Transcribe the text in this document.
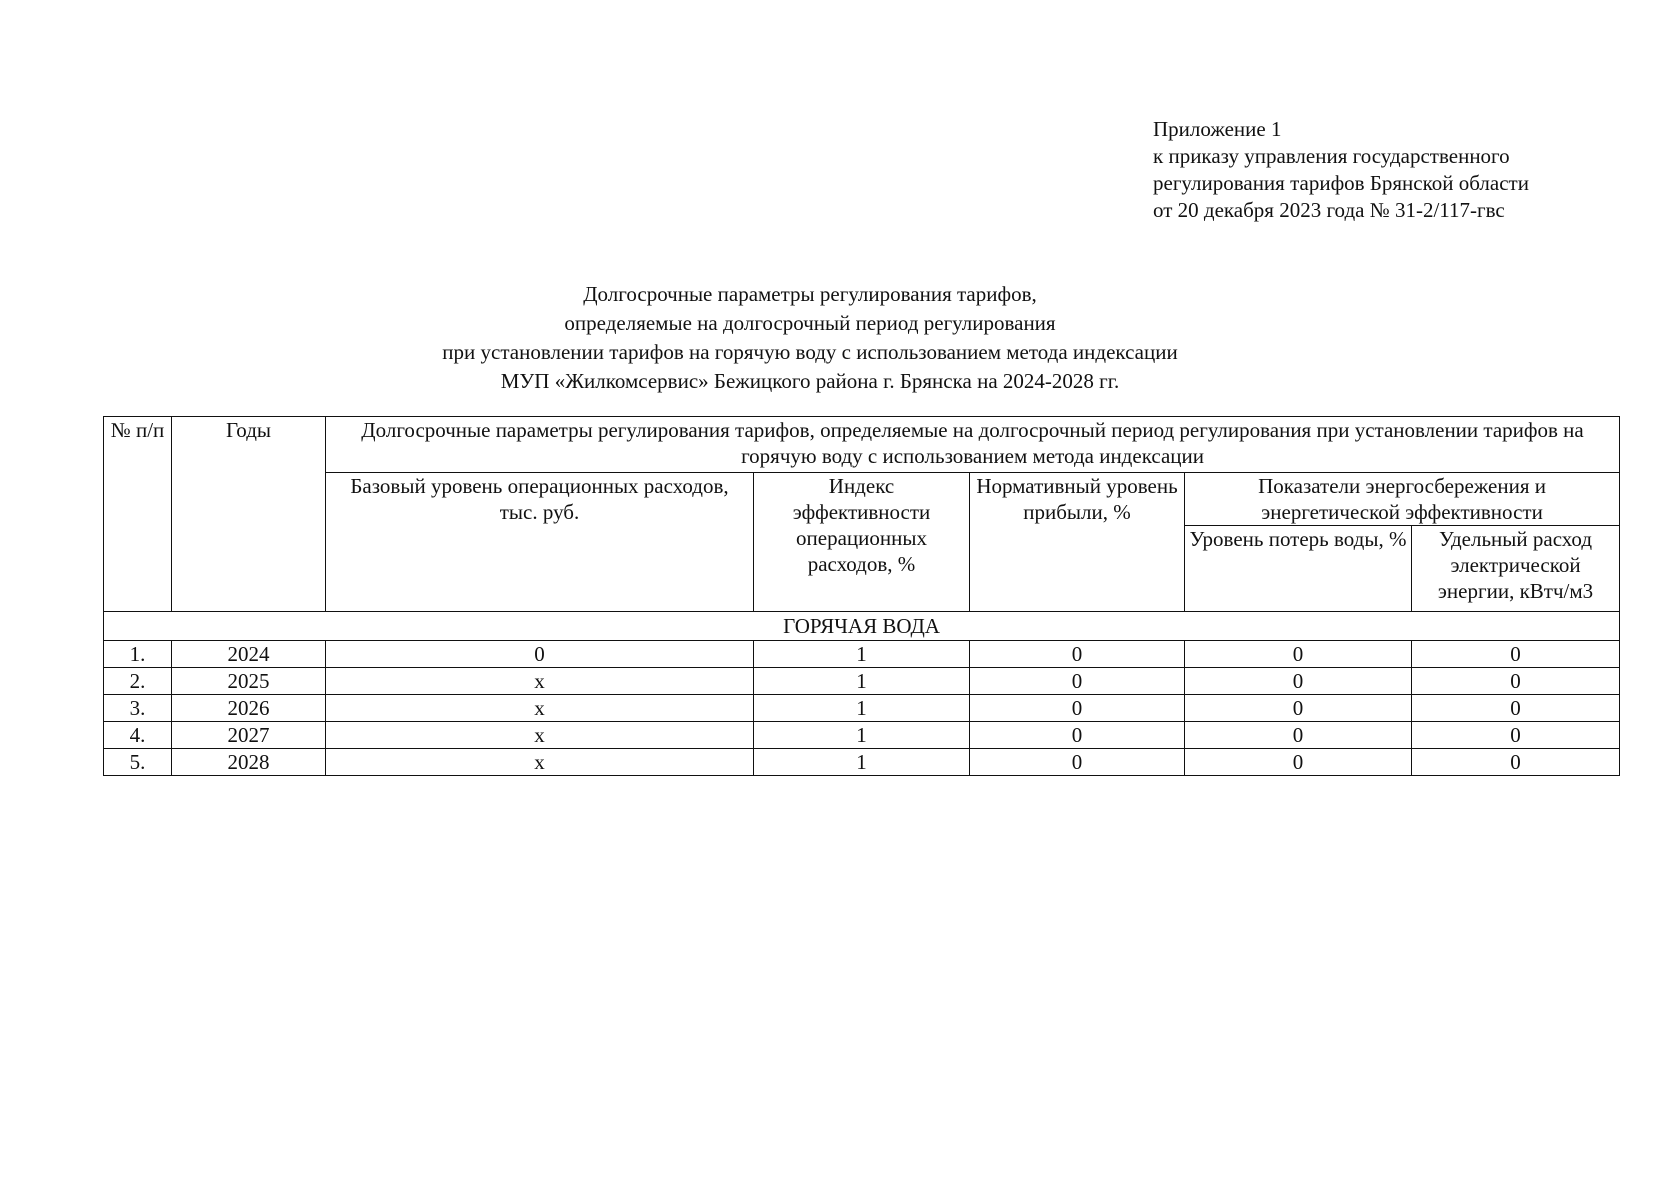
Приложение 1
к приказу управления государственного
регулирования тарифов Брянской области
от 20 декабря 2023 года № 31-2/117-гвс
Долгосрочные параметры регулирования тарифов,
определяемые на долгосрочный период регулирования
при установлении тарифов на горячую воду с использованием метода индексации
МУП «Жилкомсервис» Бежицкого района г. Брянска на 2024-2028 гг.
№ п/п	Годы	Долгосрочные параметры регулирования тарифов, определяемые на долгосрочный период регулирования при установлении тарифов на горячую воду с использованием метода индексации				
		Базовый уровень операционных расходов, тыс. руб.	Индекс эффективности операционных расходов, %	Нормативный уровень прибыли, %	Показатели энергосбережения и энергетической эффективности	
					Уровень потерь воды, %	Удельный расход электрической энергии, кВтч/м3
ГОРЯЧАЯ ВОДА						
1.	2024	0	1	0	0	0
2.	2025	х	1	0	0	0
3.	2026	х	1	0	0	0
4.	2027	х	1	0	0	0
5.	2028	х	1	0	0	0
